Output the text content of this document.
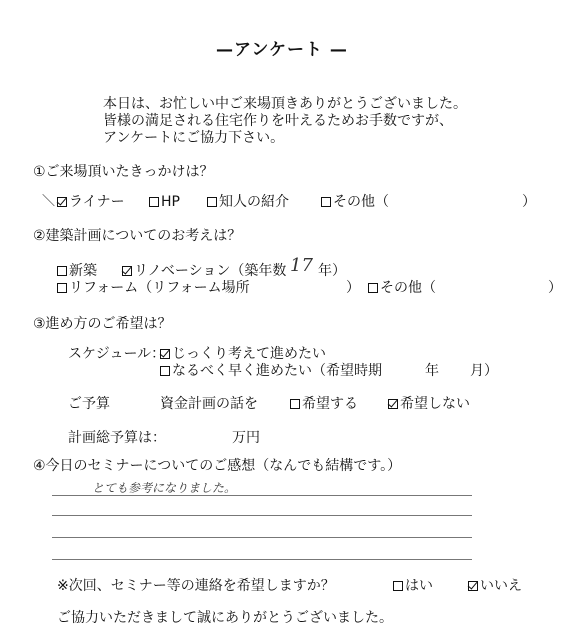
—アンケート —
本日は、お忙しい中ご来場頂きありがとうございました。
皆様の満足される住宅作りを叶えるためお手数ですが、
アンケートにご協力下さい。
①ご来場頂いたきっかけは？
＼ ライナー	HP	知人の紹介	その他（	）
②建築計画についてのお考えは？
新築	リノベーション（築年数 17 年）
リフォーム（リフォーム場所	）	その他（	）
③進め方のご希望は？
スケジュール： じっくり考えて進めたい
なるべく早く進めたい（希望時期	年 月）
ご予算	資金計画の話を	希望する	希望しない
計画総予算は：	万円
④今日のセミナーについてのご感想（なんでも結構です。）
とても参考になりました。
※次回、セミナー等の連絡を希望しますか？	はい	いいえ
ご協力いただきまして誠にありがとうございました。
